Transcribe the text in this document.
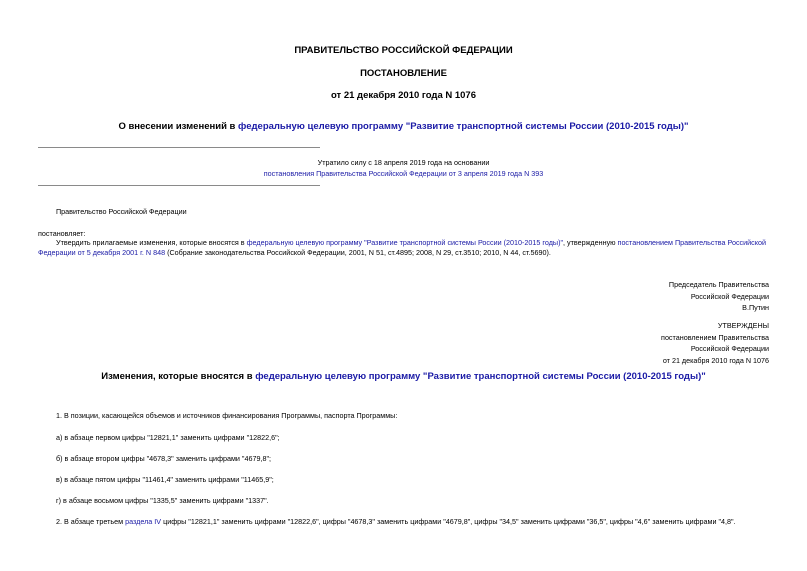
ПРАВИТЕЛЬСТВО РОССИЙСКОЙ ФЕДЕРАЦИИ
ПОСТАНОВЛЕНИЕ
от 21 декабря 2010 года N 1076
О внесении изменений в федеральную целевую программу "Развитие транспортной системы России (2010-2015 годы)"
Утратило силу с 18 апреля 2019 года на основании
постановления Правительства Российской Федерации от 3 апреля 2019 года N 393
Правительство Российской Федерации
постановляет:
Утвердить прилагаемые изменения, которые вносятся в федеральную целевую программу "Развитие транспортной системы России (2010-2015 годы)", утвержденную постановлением Правительства Российской Федерации от 5 декабря 2001 г. N 848 (Собрание законодательства Российской Федерации, 2001, N 51, ст.4895; 2008, N 29, ст.3510; 2010, N 44, ст.5690).
Председатель Правительства
Российской Федерации
В.Путин
УТВЕРЖДЕНЫ
постановлением Правительства
Российской Федерации
от 21 декабря 2010 года N 1076
Изменения, которые вносятся в федеральную целевую программу "Развитие транспортной системы России (2010-2015 годы)"
1. В позиции, касающейся объемов и источников финансирования Программы, паспорта Программы:
а) в абзаце первом цифры "12821,1" заменить цифрами "12822,6";
б) в абзаце втором цифры "4678,3" заменить цифрами "4679,8";
в) в абзаце пятом цифры "11461,4" заменить цифрами "11465,9";
г) в абзаце восьмом цифры "1335,5" заменить цифрами "1337".
2. В абзаце третьем раздела IV цифры "12821,1" заменить цифрами "12822,6", цифры "4678,3" заменить цифрами "4679,8", цифры "34,5" заменить цифрами "36,5", цифры "4,6" заменить цифрами "4,8".
